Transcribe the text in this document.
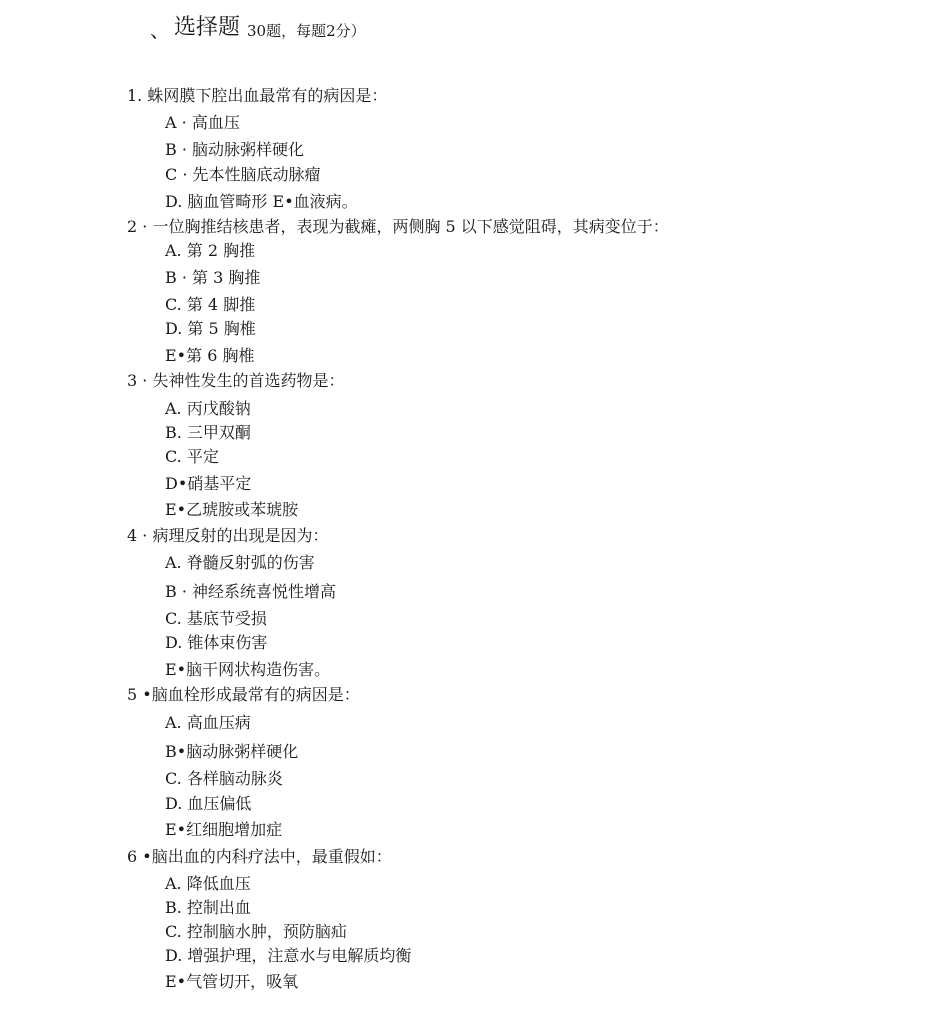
、 选择题 30题，每题2分）
1. 蛛网膜下腔出血最常有的病因是：
A · 高血压
B · 脑动脉粥样硬化
C · 先本性脑底动脉瘤
D. 脑血管畸形 E•血液病。
2 · 一位胸推结核患者，表现为截瘫，两侧胸 5 以下感觉阻碍，其病变位于：
A. 第 2 胸推
B · 第 3 胸推
C. 第 4 脚推
D. 第 5 胸椎
E•第 6 胸椎
3 · 失神性发生的首选药物是：
A. 丙戊酸钠
B. 三甲双酮
C. 平定
D•硝基平定
E•乙琥胺或苯琥胺
4 · 病理反射的出现是因为：
A. 脊髓反射弧的伤害
B · 神经系统喜悦性增高
C. 基底节受损
D. 锥体束伤害
E•脑干网状构造伤害。
5 •脑血栓形成最常有的病因是：
A. 高血压病
B•脑动脉粥样硬化
C. 各样脑动脉炎
D. 血压偏低
E•红细胞增加症
6 •脑出血的内科疗法中，最重假如：
A. 降低血压
B. 控制出血
C. 控制脑水肿，预防脑疝
D. 增强护理，注意水与电解质均衡
E•气管切开，吸氧
